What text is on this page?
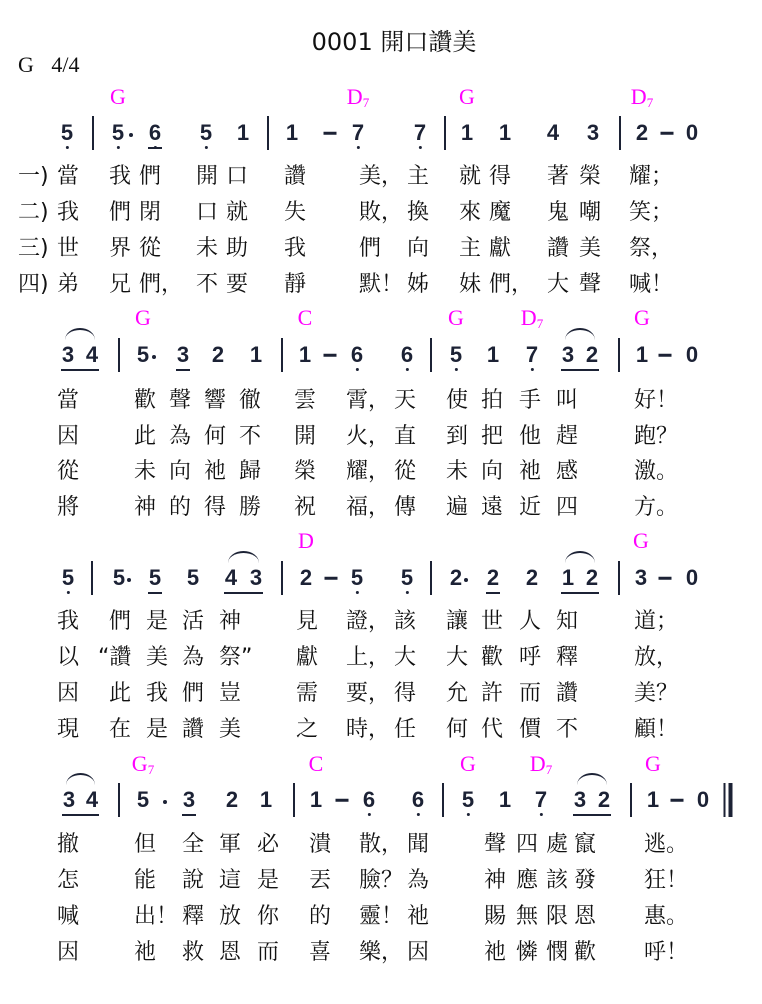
0001 開口讚美
G 4/4
5 5
G
6 5 1 1 7
$D_7$
7 1
G
1 4 3 2
$D_7$
0
一) 當 我 們 開 口 讚 美， 主 就 得 著 榮 耀；
二) 我 們 閉 口 就 失 敗， 換 來 魔 鬼 嘲 笑；
三) 世 界 從 未 助 我 們 向 主 獻 讚 美 祭，
四) 弟 兄 們， 不 要 靜 默！ 姊 妹 們， 大 聲 喊！
3 4 5
G
3 2 1 1
C
6 6 5
G
1 7
$D_7$
3 2 1
G
0
當 歡 聲 響 徹 雲 霄， 天 使 拍 手 叫	好！
因 此 為 何 不 開 火， 直 到 把 他 趕	跑？
從 未 向 祂 歸 榮 耀， 從 未 向 祂 感	激。
將 神 的 得 勝 祝 福， 傳 遍 遠 近 四	方。
5 5 5 5 4 3 2
D
5 5 2 2 2 1 2 3
G
0
我 們 是 活 神 見 證， 該 讓 世 人 知	道；
以 “讚 美 為 祭” 獻 上， 大 大 歡 呼 釋	放，
因 此 我 們 豈 需 要， 得 允 許 而 讚	美？
現 在 是 讚 美 之 時， 任 何 代 價 不	顧！
3 4 5
$G_7$
3 2 1 1
C
6 6 5
G
1 7
$D_7$
3 2 1
G
0
撤 但 全 軍 必 潰 散， 聞 聲 四 處 竄 逃。
怎 能 說 這 是 丟 臉？ 為 神 應 該 發 狂！
喊 出！ 釋 放 你 的 靈！ 祂 賜 無 限 恩 惠。
因 祂 救 恩 而 喜 樂， 因 祂 憐 憫 歡 呼！
